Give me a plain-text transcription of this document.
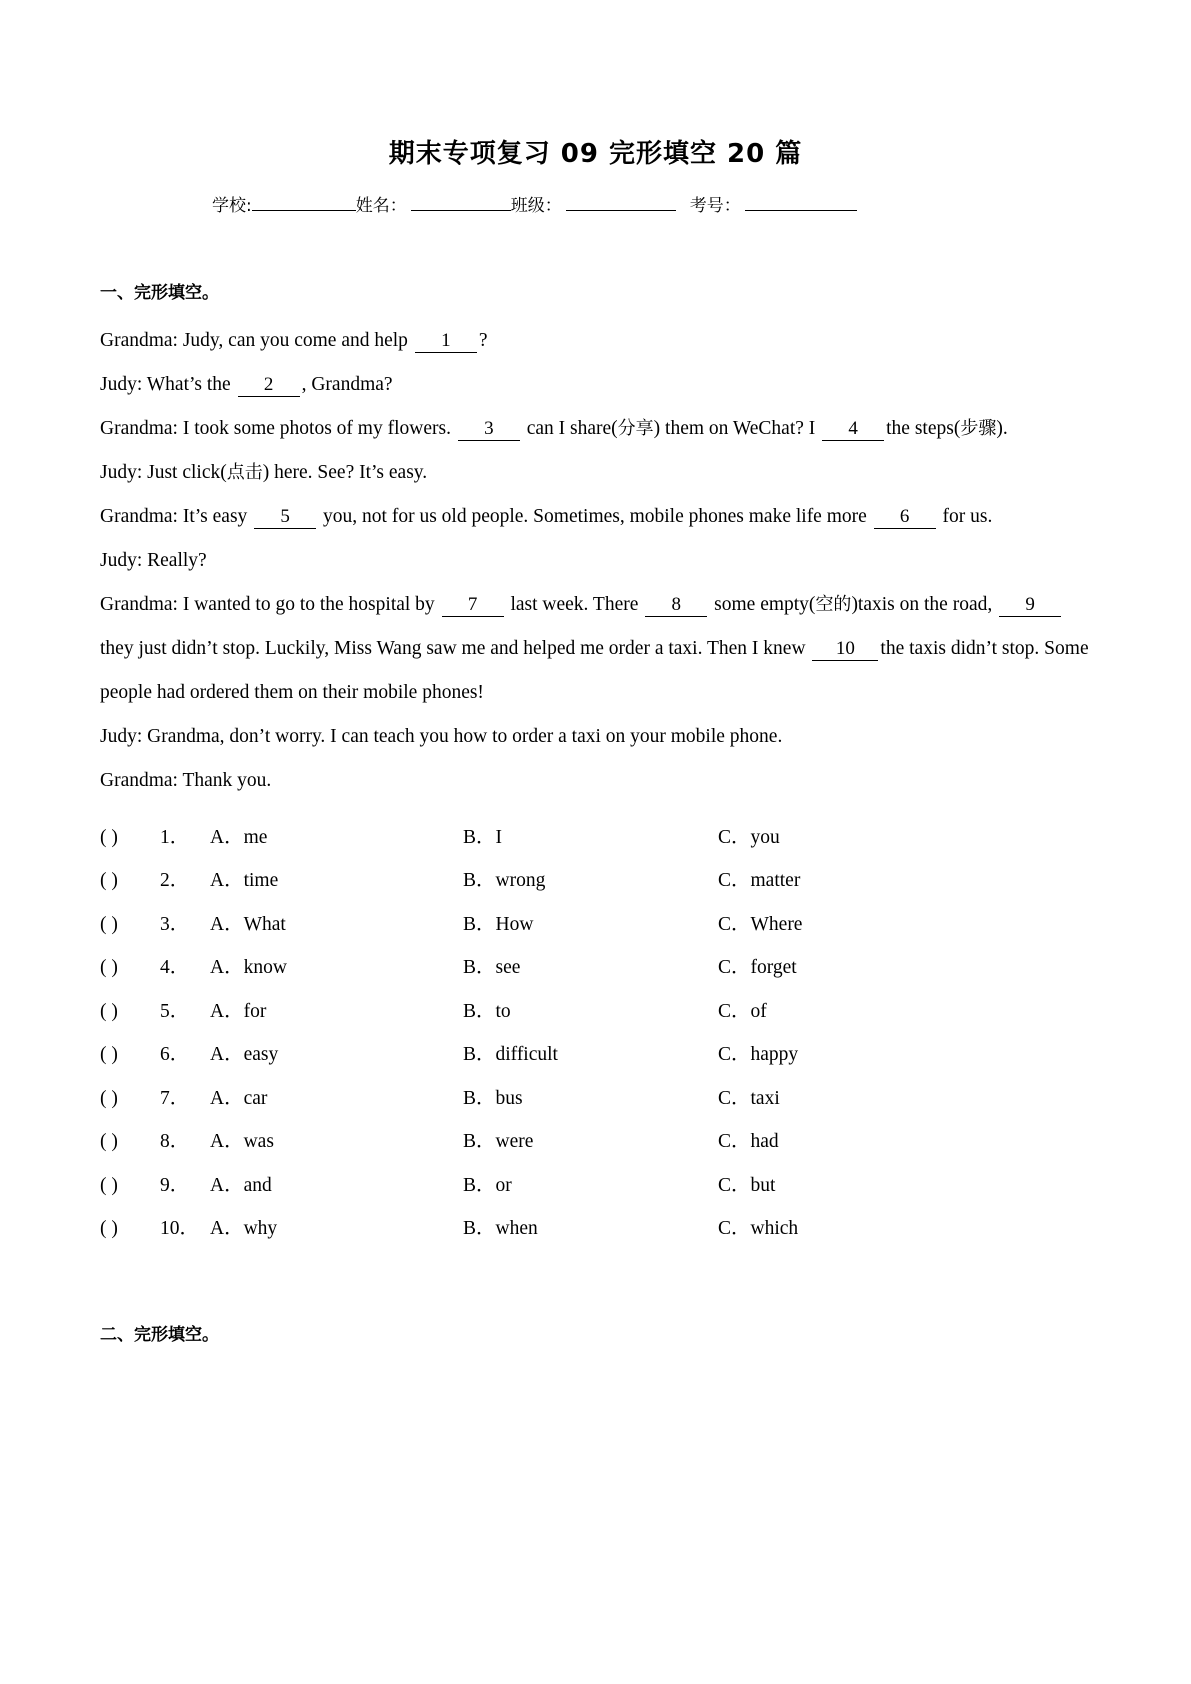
期末专项复习 09 完形填空 20 篇
学校:	姓名：	班级：	考号：
一、完形填空。

Grandma: Judy, can you come and help 1 ?

Judy: What’s the 2 , Grandma?

Grandma: I took some photos of my flowers. 3 can I share(分享) them on WeChat? I 4 the steps(步骤).

Judy: Just click(点击) here. See? It’s easy.

Grandma: It’s easy 5 you, not for us old people. Sometimes, mobile phones make life more 6 for us.

Judy: Really?

Grandma: I wanted to go to the hospital by 7 last week. There 8 some empty(空的)taxis on the road, 9 they just didn’t stop. Luckily, Miss Wang saw me and helped me order a taxi. Then I knew 10 the taxis didn’t stop. Some people had ordered them on their mobile phones!

Judy: Grandma, don’t worry. I can teach you how to order a taxi on your mobile phone.

Grandma: Thank you.

( )	1．	A．me	B．I	C．you
( )	2．	A．time	B．wrong	C．matter
( )	3．	A．What	B．How	C．Where
( )	4．	A．know	B．see	C．forget
( )	5．	A．for	B．to	C．of
( )	6．	A．easy	B．difficult	C．happy
( )	7．	A．car	B．bus	C．taxi
( )	8．	A．was	B．were	C．had
( )	9．	A．and	B．or	C．but
( )	10． A．why	B．when	C．which
二、完形填空。
